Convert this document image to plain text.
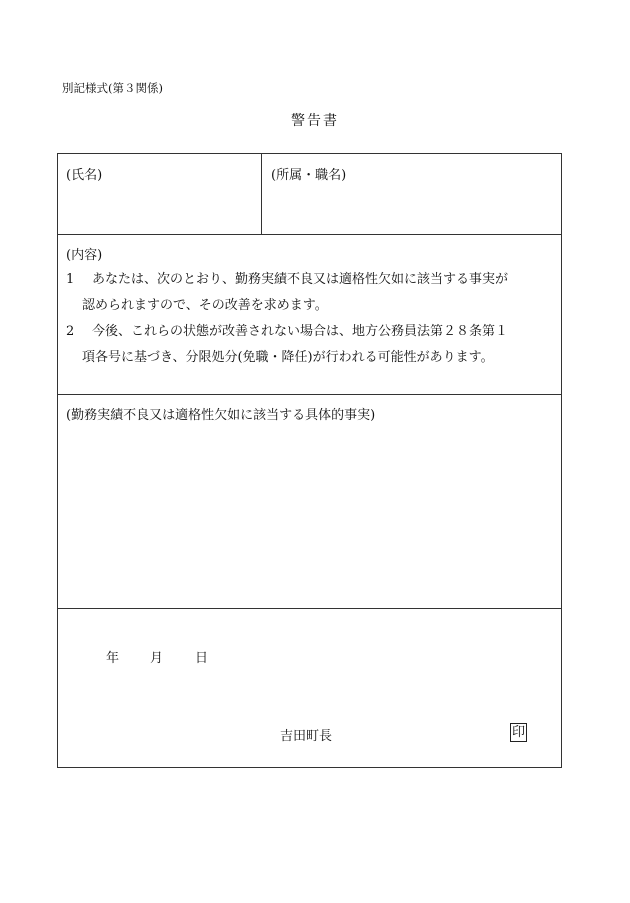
別記様式(第３関係)
警告書
(氏名)	(所属・職名)
(内容)
1 あなたは、次のとおり、勤務実績不良又は適格性欠如に該当する事実が
認められますので、その改善を求めます。
2 今後、これらの状態が改善されない場合は、地方公務員法第２８条第１
項各号に基づき、分限処分(免職・降任)が行われる可能性があります。
(勤務実績不良又は適格性欠如に該当する具体的事実)
年 月 日
吉田町長	印
